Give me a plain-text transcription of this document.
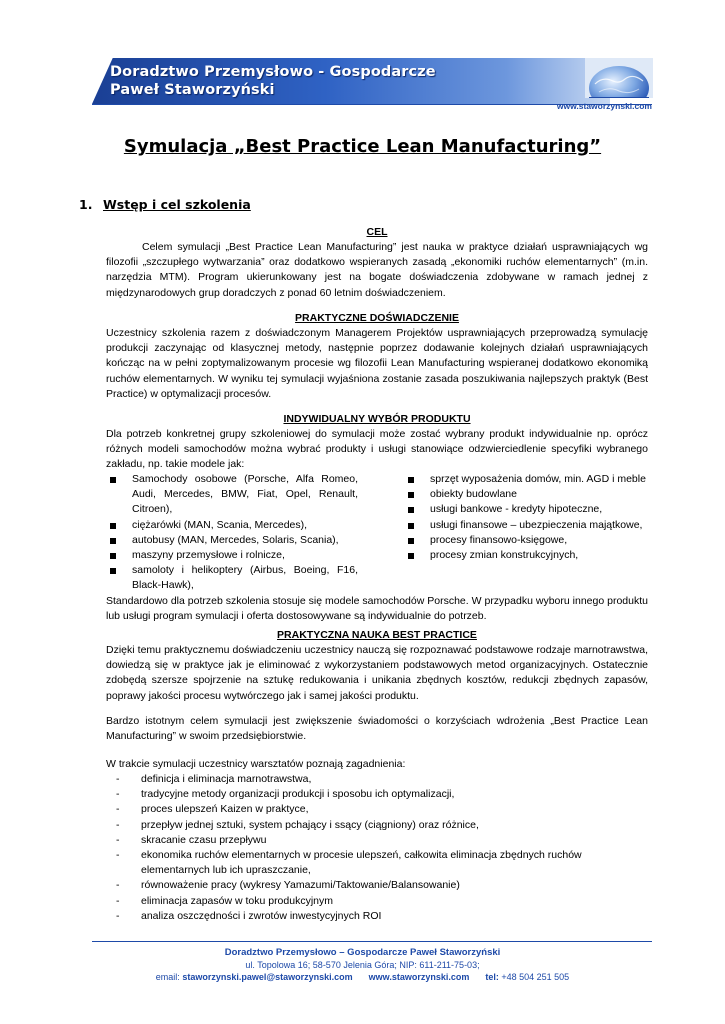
Doradztwo Przemysłowo - Gospodarcze
Paweł Staworzyński
www.staworzynski.com
Symulacja „Best Practice Lean Manufacturing”
1. Wstęp i cel szkolenia
CEL

Celem symulacji „Best Practice Lean Manufacturing” jest nauka w praktyce działań usprawniających wg filozofii „szczupłego wytwarzania” oraz dodatkowo wspieranych zasadą „ekonomiki ruchów elementarnych” (m.in. narzędzia MTM). Program ukierunkowany jest na bogate doświadczenia zdobywane w ramach jednej z międzynarodowych grup doradczych z ponad 60 letnim doświadczeniem.

PRAKTYCZNE DOŚWIADCZENIE

Uczestnicy szkolenia razem z doświadczonym Managerem Projektów usprawniających przeprowadzą symulację produkcji zaczynając od klasycznej metody, następnie poprzez dodawanie kolejnych działań usprawniających kończąc na w pełni zoptymalizowanym procesie wg filozofii Lean Manufacturing wspieranej dodatkowo ekonomiką ruchów elementarnych. W wyniku tej symulacji wyjaśniona zostanie zasada poszukiwania najlepszych praktyk (Best Practice) w optymalizacji procesów.

INDYWIDUALNY WYBÓR PRODUKTU

Dla potrzeb konkretnej grupy szkoleniowej do symulacji może zostać wybrany produkt indywidualnie np. oprócz różnych modeli samochodów można wybrać produkty i usługi stanowiące odzwierciedlenie specyfiki wybranego zakładu, np. takie modele jak:

Samochody osobowe (Porsche, Alfa Romeo, Audi, Mercedes, BMW, Fiat, Opel, Renault, Citroen),
ciężarówki (MAN, Scania, Mercedes),
autobusy (MAN, Mercedes, Solaris, Scania),
maszyny przemysłowe i rolnicze,
samoloty i helikoptery (Airbus, Boeing, F16, Black-Hawk),
sprzęt wyposażenia domów, min. AGD i meble
obiekty budowlane
usługi bankowe - kredyty hipoteczne,
usługi finansowe – ubezpieczenia majątkowe,
procesy finansowo-księgowe,
procesy zmian konstrukcyjnych,

Standardowo dla potrzeb szkolenia stosuje się modele samochodów Porsche. W przypadku wyboru innego produktu lub usługi program symulacji i oferta dostosowywane są indywidualnie do potrzeb.

PRAKTYCZNA NAUKA BEST PRACTICE

Dzięki temu praktycznemu doświadczeniu uczestnicy nauczą się rozpoznawać podstawowe rodzaje marnotrawstwa, dowiedzą się w praktyce jak je eliminować z wykorzystaniem podstawowych metod organizacyjnych. Ostatecznie zdobędą szersze spojrzenie na sztukę redukowania i unikania zbędnych kosztów, redukcji zbędnych zapasów, poprawy jakości procesu wytwórczego jak i samej jakości produktu.

Bardzo istotnym celem symulacji jest zwiększenie świadomości o korzyściach wdrożenia „Best Practice Lean Manufacturing” w swoim przedsiębiorstwie.

W trakcie symulacji uczestnicy warsztatów poznają zagadnienia:

- definicja i eliminacja marnotrawstwa,
- tradycyjne metody organizacji produkcji i sposobu ich optymalizacji,
- proces ulepszeń Kaizen w praktyce,
- przepływ jednej sztuki, system pchający i ssący (ciągniony) oraz różnice,
- skracanie czasu przepływu
- ekonomika ruchów elementarnych w procesie ulepszeń, całkowita eliminacja zbędnych ruchów elementarnych lub ich upraszczanie,
- równoważenie pracy (wykresy Yamazumi/Taktowanie/Balansowanie)
- eliminacja zapasów w toku produkcyjnym
- analiza oszczędności i zwrotów inwestycyjnych ROI
Doradztwo Przemysłowo – Gospodarcze Paweł Staworzyński
ul. Topolowa 16; 58-570 Jelenia Góra; NIP: 611-211-75-03;
email: staworzynski.pawel@staworzynski.com www.staworzynski.com tel: +48 504 251 505
